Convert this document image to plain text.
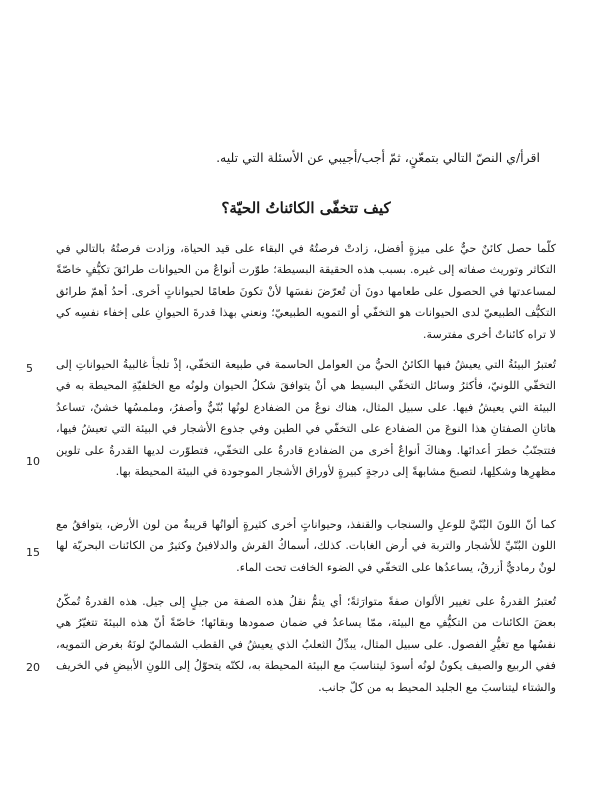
اقرأ/ي النصّ التالي بتمعّنٍ، ثمّ أجب/أجيبي عن الأسئلة التي تليه.

كيف تتخفّى الكائناتُ الحيّة؟

كلّما حصل كائنٌ حيٌّ على ميزةٍ أفضل، زادتْ فرصتُهُ في البقاء على قيد الحياة، وزادت فرصتُهُ بالتالي في التكاثر وتوريث صفاته إلى غيره. بسبب هذه الحقيقة البسيطة؛ طوّرت أنواعٌ من الحيوانات طرائقَ تكيُّفٍ خاصّةً لمساعدتها في الحصول على طعامها دونَ أن تُعرّضَ نفسَها لأنْ تكونَ طعامًا لحيواناتٍ أخرى. أحدُ أهمّ طرائق التكيُّف الطبيعيّ لدى الحيوانات هو التخفّي أو التمويه الطبيعيّ؛ ونعني بهذا قدرةَ الحيوانِ على إخفاء نفسِه كي لا تراه كائناتٌ أخرى مفترسة.

تُعتبرُ البيئةُ التي يعيشُ فيها الكائنُ الحيُّ من العوامل الحاسمة في طبيعة التخفّي، إذْ تلجأ غالبيةُ الحيواناتِ إلى التخفّي اللونيّ، فأكثرُ وسائل التخفّي البسيط هي أنْ يتوافقَ شكلُ الحيوان ولونُه مع الخلفيّةِ المحيطة به في البيئة التي يعيشُ فيها. على سبيل المثال، هناك نوعٌ من الضفادع لونُها بُنّيٌّ وأصفرُ، وملمسُها خشنٌ، تساعدُ هاتانِ الصفتانِ هذا النوعَ من الضفادع على التخفّي في الطين وفي جذوع الأشجار في البيئة التي تعيشُ فيها، فتتجنّبُ خطرَ أعدائها. وهناكَ أنواعٌ أخرى من الضفادع قادرةٌ على التخفّي، فتطوّرت لديها القدرةُ على تلوين مظهرِها وشكلِها، لتصبحَ مشابهةً إلى درجةٍ كبيرةٍ لأوراق الأشجار الموجودة في البيئة المحيطة بها.

كما أنّ اللونَ البُنّيَّ للوعلِ والسنجاب والقنفذ، وحيواناتٍ أخرى كثيرةٍ ألوانُها قريبةٌ من لون الأرض، يتوافقُ مع اللون البُنّيِّ للأشجار والتربة في أرض الغابات. كذلك، أسماكُ القرش والدلافينُ وكثيرٌ من الكائنات البحريّة لها لونٌ رماديٌّ أزرقُ، يساعدُها على التخفّي في الضوء الخافت تحت الماء.

تُعتبرُ القدرةُ على تغيير الألوان صفةً متوارَثةً؛ أي يتمُّ نقلُ هذه الصفة من جيلٍ إلى جيل. هذه القدرةُ تُمكّنُ بعضَ الكائنات من التكيُّفِ مع البيئة، ممّا يساعدُ في ضمان صمودها وبقائها؛ خاصّةً أنّ هذه البيئةَ تتغيّرُ هي نفسُها مع تغيُّرِ الفصول. على سبيل المثال، يبدِّلُ الثعلبُ الذي يعيشُ في القطب الشماليّ لونَهُ بغرض التمويه، ففي الربيع والصيف يكونُ لونُه أسودَ ليتناسبَ مع البيئة المحيطة به، لكنّه يتحوّلُ إلى اللونِ الأبيضِ في الخريف والشتاء ليتناسبَ مع الجليد المحيط به من كلّ جانب.

5
10
15
20
